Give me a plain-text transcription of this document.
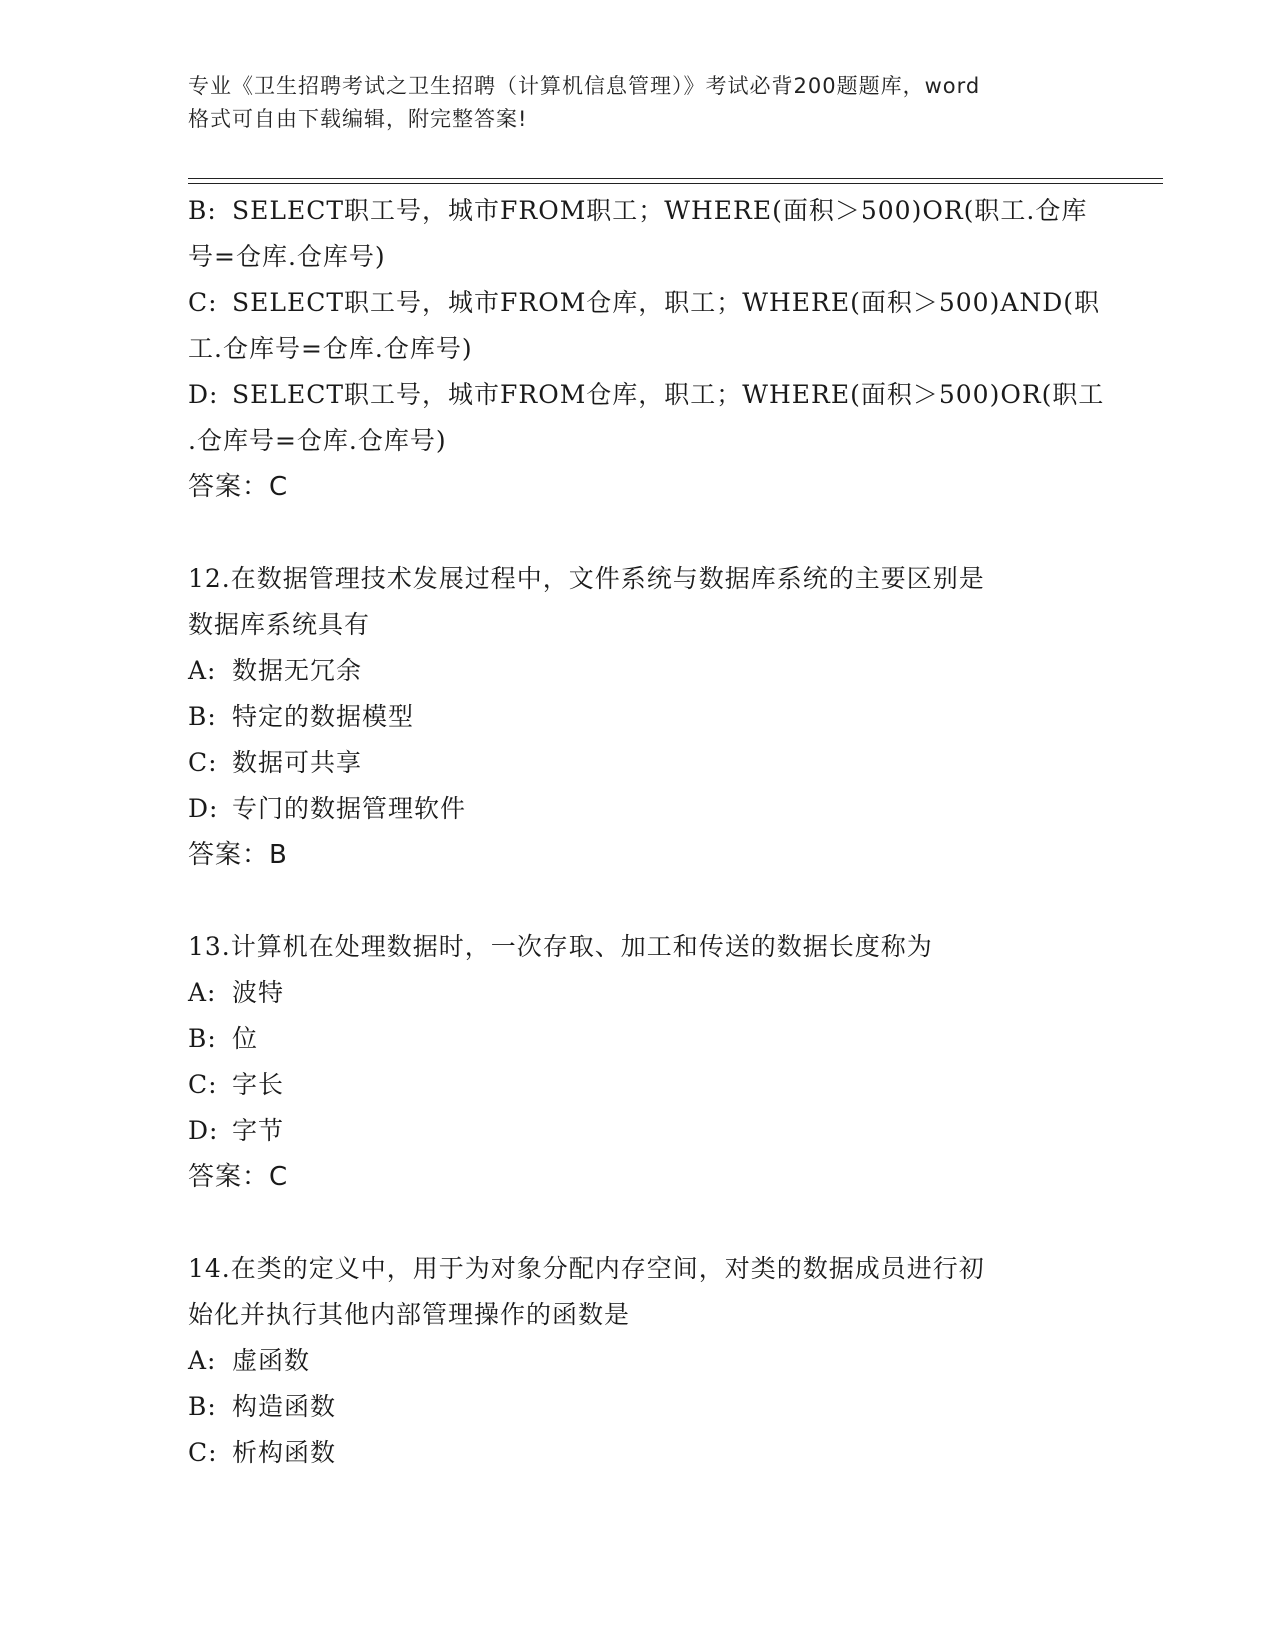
专业《卫生招聘考试之卫生招聘（计算机信息管理）》考试必背200题题库，word
格式可自由下载编辑，附完整答案!
B: SELECT职工号，城市FROM职工；WHERE(面积＞500)OR(职工.仓库
号=仓库.仓库号)
C: SELECT职工号，城市FROM仓库，职工；WHERE(面积＞500)AND(职
工.仓库号=仓库.仓库号)
D: SELECT职工号，城市FROM仓库，职工；WHERE(面积＞500)OR(职工
.仓库号=仓库.仓库号)
答案：C
12.在数据管理技术发展过程中，文件系统与数据库系统的主要区别是
数据库系统具有
A: 数据无冗余
B: 特定的数据模型
C: 数据可共享
D: 专门的数据管理软件
答案：B
13.计算机在处理数据时，一次存取、加工和传送的数据长度称为
A: 波特
B: 位
C: 字长
D: 字节
答案：C
14.在类的定义中，用于为对象分配内存空间，对类的数据成员进行初
始化并执行其他内部管理操作的函数是
A: 虚函数
B: 构造函数
C: 析构函数
